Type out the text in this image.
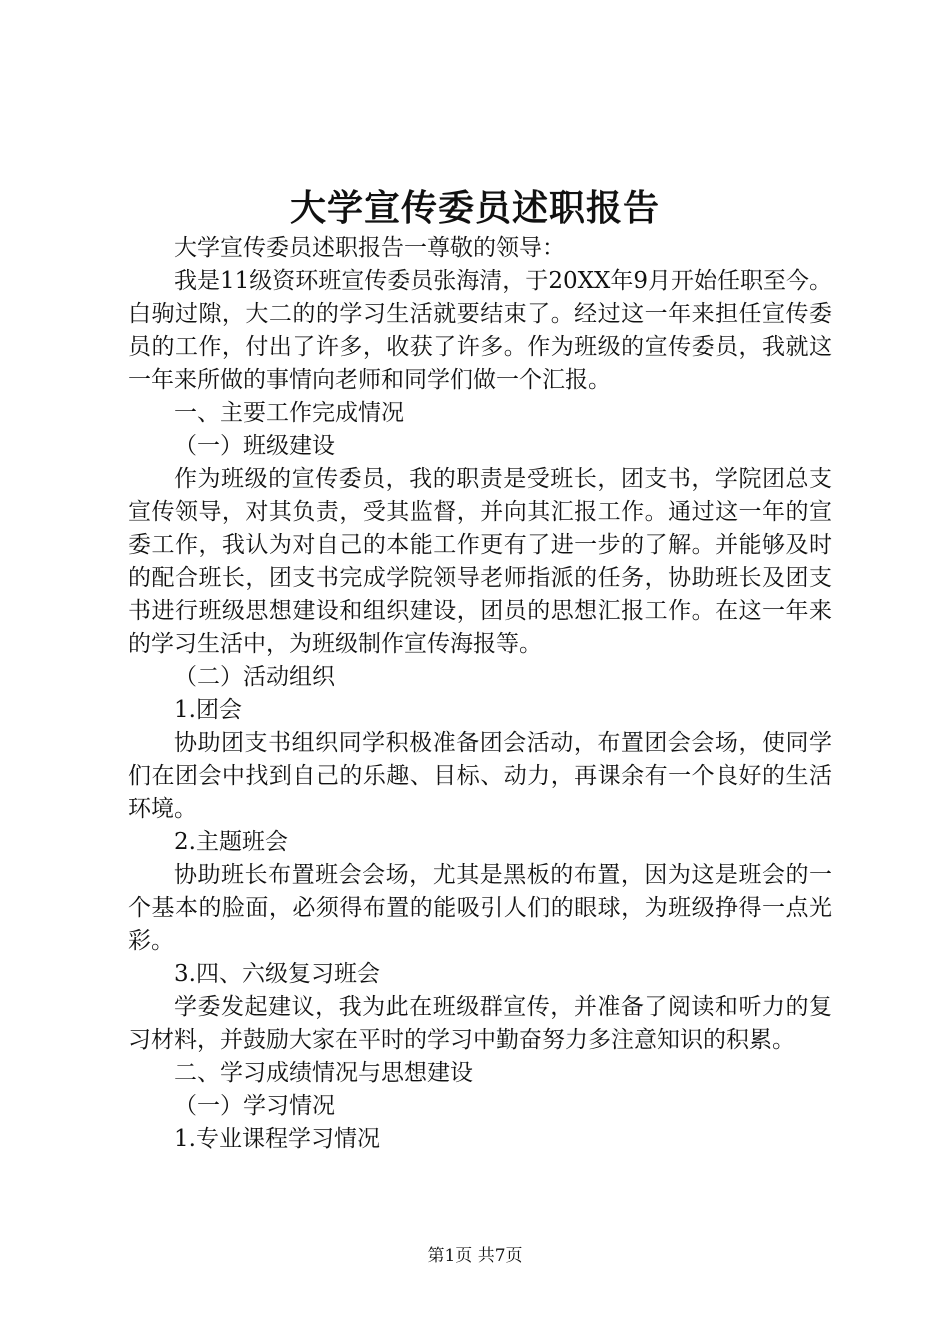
大学宣传委员述职报告

大学宣传委员述职报告一尊敬的领导：

我是11级资环班宣传委员张海清，于20XX年9月开始任职至今。白驹过隙，大二的的学习生活就要结束了。经过这一年来担任宣传委员的工作，付出了许多，收获了许多。作为班级的宣传委员，我就这一年来所做的事情向老师和同学们做一个汇报。

一、主要工作完成情况

（一）班级建设

作为班级的宣传委员，我的职责是受班长，团支书，学院团总支宣传领导，对其负责，受其监督，并向其汇报工作。通过这一年的宣委工作，我认为对自己的本能工作更有了进一步的了解。并能够及时的配合班长，团支书完成学院领导老师指派的任务，协助班长及团支书进行班级思想建设和组织建设，团员的思想汇报工作。在这一年来的学习生活中，为班级制作宣传海报等。

（二）活动组织

1.团会

协助团支书组织同学积极准备团会活动，布置团会会场，使同学们在团会中找到自己的乐趣、目标、动力，再课余有一个良好的生活环境。

2.主题班会

协助班长布置班会会场，尤其是黑板的布置，因为这是班会的一个基本的脸面，必须得布置的能吸引人们的眼球，为班级挣得一点光彩。

3.四、六级复习班会

学委发起建议，我为此在班级群宣传，并准备了阅读和听力的复习材料，并鼓励大家在平时的学习中勤奋努力多注意知识的积累。

二、学习成绩情况与思想建设

（一）学习情况

1.专业课程学习情况

第1页 共7页
